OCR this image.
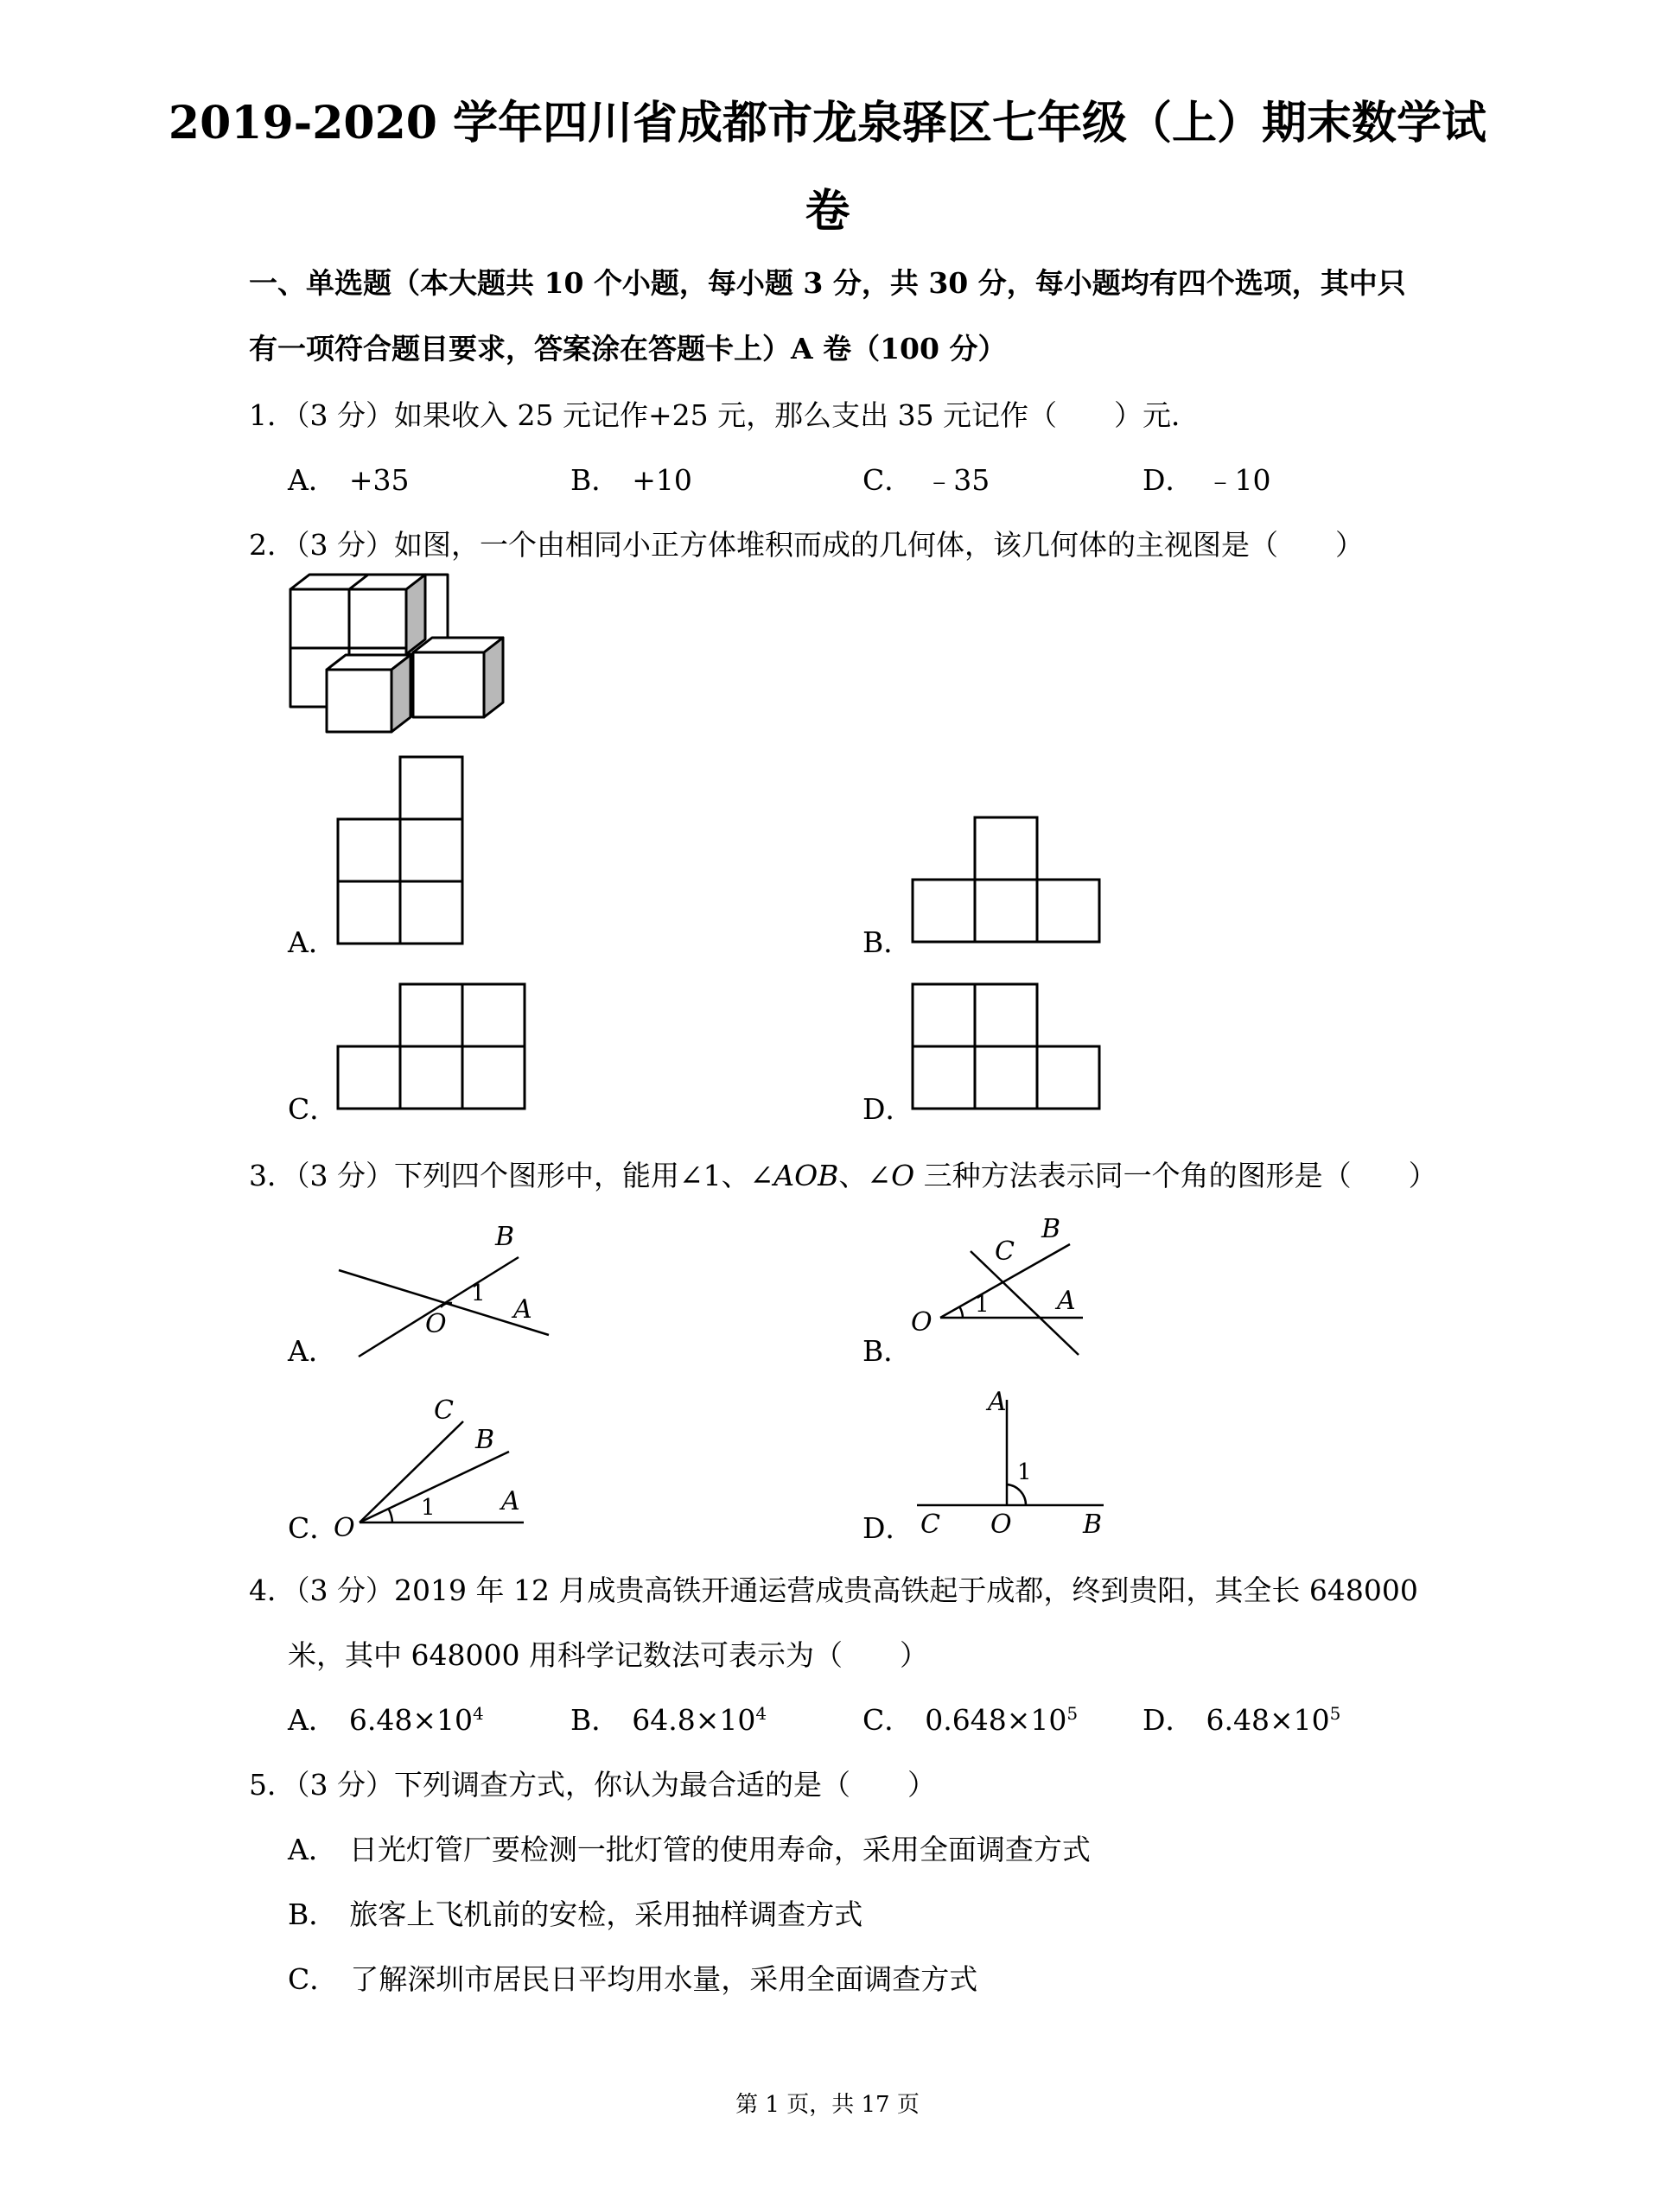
2019-2020 学年四川省成都市龙泉驿区七年级（上）期末数学试
卷
一、单选题（本大题共 10 个小题，每小题 3 分，共 30 分，每小题均有四个选项，其中只
有一项符合题目要求，答案涂在答题卡上）A 卷（100 分）
1．（3 分）如果收入 25 元记作+25 元，那么支出 35 元记作（　　）元．
A． +35	B． +10	C． ﹣35	D． ﹣10
2．（3 分）如图，一个由相同小正方体堆积而成的几何体，该几何体的主视图是（　　）
A．	B．
C．	D．
3．（3 分）下列四个图形中，能用∠1、∠AOB、∠O 三种方法表示同一个角的图形是（　　）
A．
B
1
A
O
B．
B
C
1	A
O
C．
C
B
1	A
O	D．
A
1
C O	B
4．（3 分）2019 年 12 月成贵高铁开通运营成贵高铁起于成都，终到贵阳，其全长 648000
米，其中 648000 用科学记数法可表示为（　　）
A． $6.48\times 10^4$	B． $64.8\times 10^4$	C． $0.648\times 10^5$ D． $6.48\times 10^5$
5．（3 分）下列调查方式，你认为最合适的是（　　）
A． 日光灯管厂要检测一批灯管的使用寿命，采用全面调查方式
B． 旅客上飞机前的安检，采用抽样调查方式
C． 了解深圳市居民日平均用水量，采用全面调查方式
第 1 页，共 17 页
